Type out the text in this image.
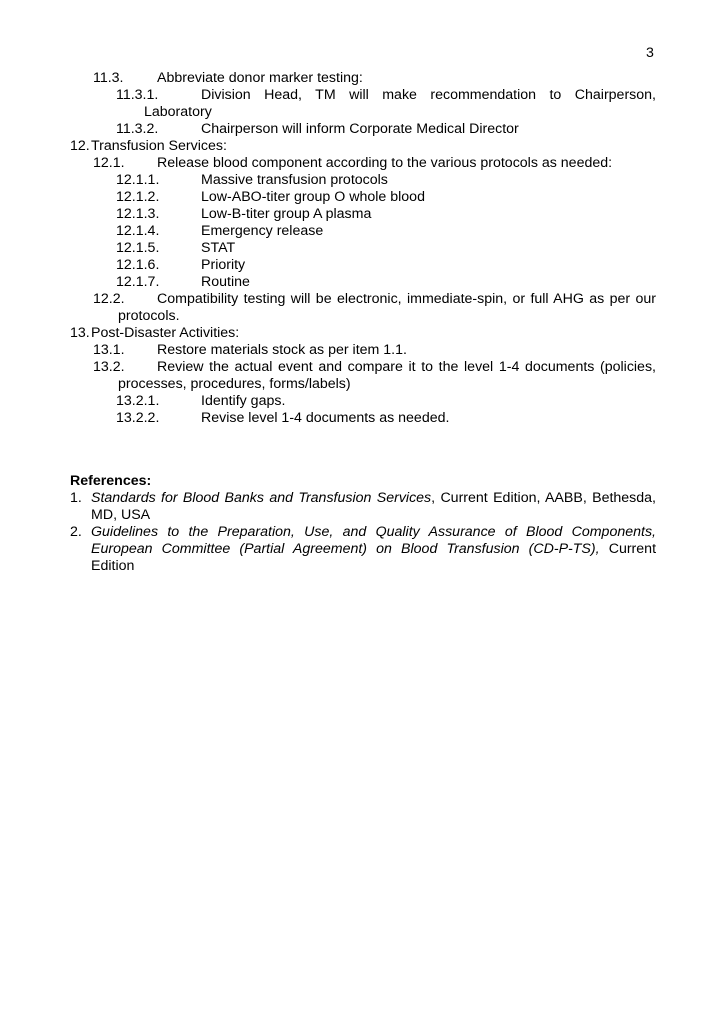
3
11.3. Abbreviate donor marker testing:
11.3.1.	Division Head, TM will make recommendation to Chairperson,
Laboratory
11.3.2.	Chairperson will inform Corporate Medical Director
12. Transfusion Services:
12.1. Release blood component according to the various protocols as needed:
12.1.1.	Massive transfusion protocols
12.1.2.	Low-ABO-titer group O whole blood
12.1.3.	Low-B-titer group A plasma
12.1.4.	Emergency release
12.1.5.	STAT
12.1.6.	Priority
12.1.7.	Routine
12.2. Compatibility testing will be electronic, immediate-spin, or full AHG as per our
protocols.
13. Post-Disaster Activities:
13.1. Restore materials stock as per item 1.1.
13.2. Review the actual event and compare it to the level 1-4 documents (policies,
processes, procedures, forms/labels)
13.2.1.	Identify gaps.
13.2.2.	Revise level 1-4 documents as needed.
References:
1. Standards for Blood Banks and Transfusion Services, Current Edition, AABB, Bethesda,
MD, USA
2. Guidelines to the Preparation, Use, and Quality Assurance of Blood Components,
European Committee (Partial Agreement) on Blood Transfusion (CD-P-TS), Current
Edition
